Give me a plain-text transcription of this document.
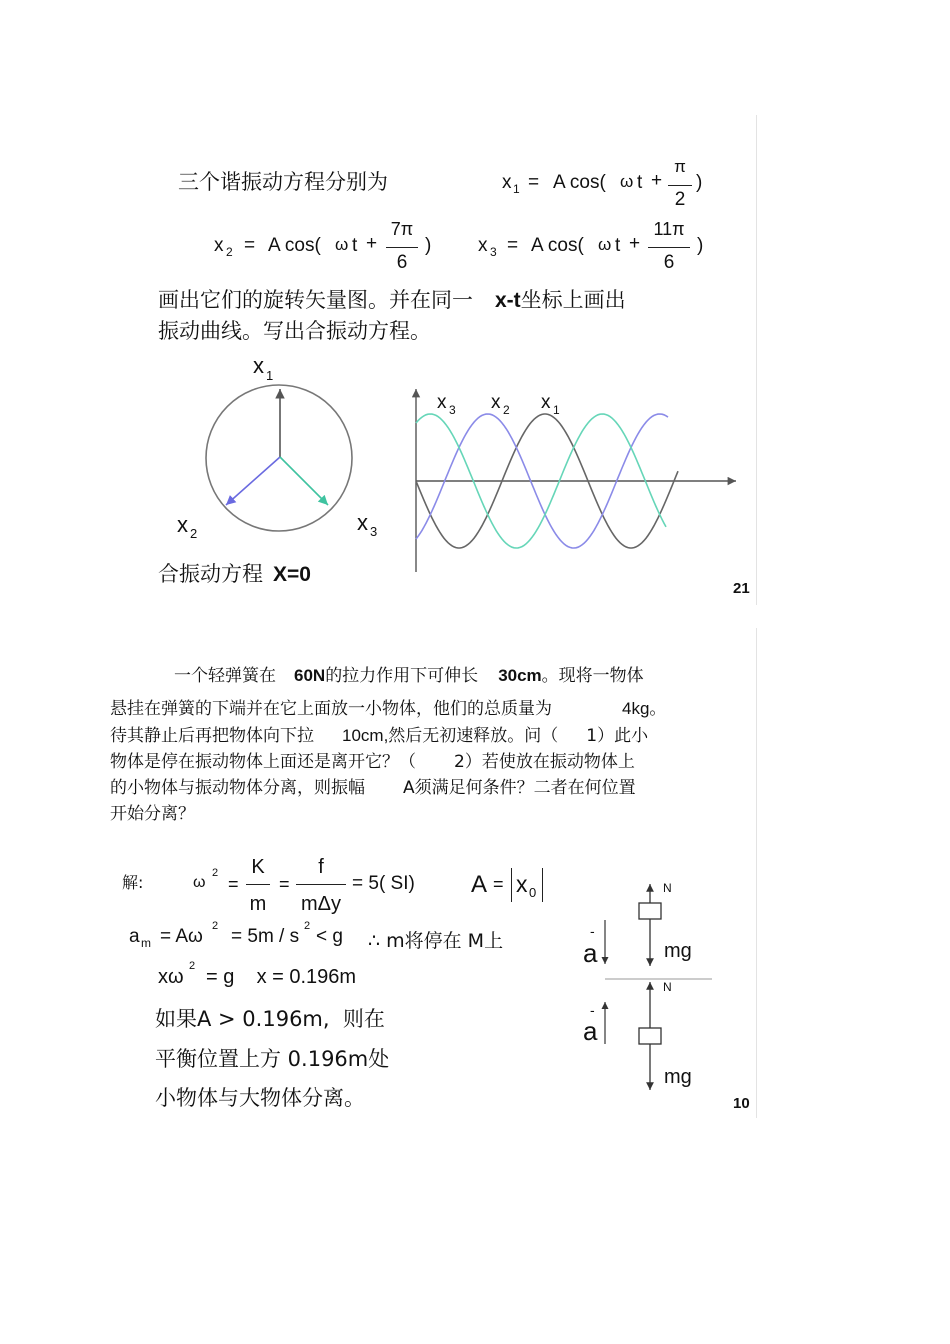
三个谐振动方程分别为	x 1 = A cos( ω t +
π
2
)
x 2 = A cos( ω t +
7π
6
) x 3 = A cos( ω t +
11π
6
)
画出它们的旋转矢量图。并在同一 x-t坐标上画出
振动曲线。写出合振动方程。
x 1
x 2	x 3
x 3 x 2 x 1
合振动方程 X=0
21
一个轻弹簧在 60N的拉力作用下可伸长 30cm。现将一物体
悬挂在弹簧的下端并在它上面放一小物体，他们的总质量为	4kg。
待其静止后再把物体向下拉 10cm,然后无初速释放。问（ 1）此小
物体是停在振动物体上面还是离开它？（ 2）若使放在振动物体上
的小物体与振动物体分离，则振幅 A须满足何条件？二者在何位置
开始分离？
解:	ω
2
=
K
m
=
f
mΔy
= 5( SI) A = x 0
a m = Aω 2 = 5m / s 2 < g ∴ m将停在 M上
xω 2 = g    x = 0.196m
如果A > 0.196m,  则在
平衡位置上方 0.196m处
小物体与大物体分离。
N
mg
-
a
N
mg
-
a
10
